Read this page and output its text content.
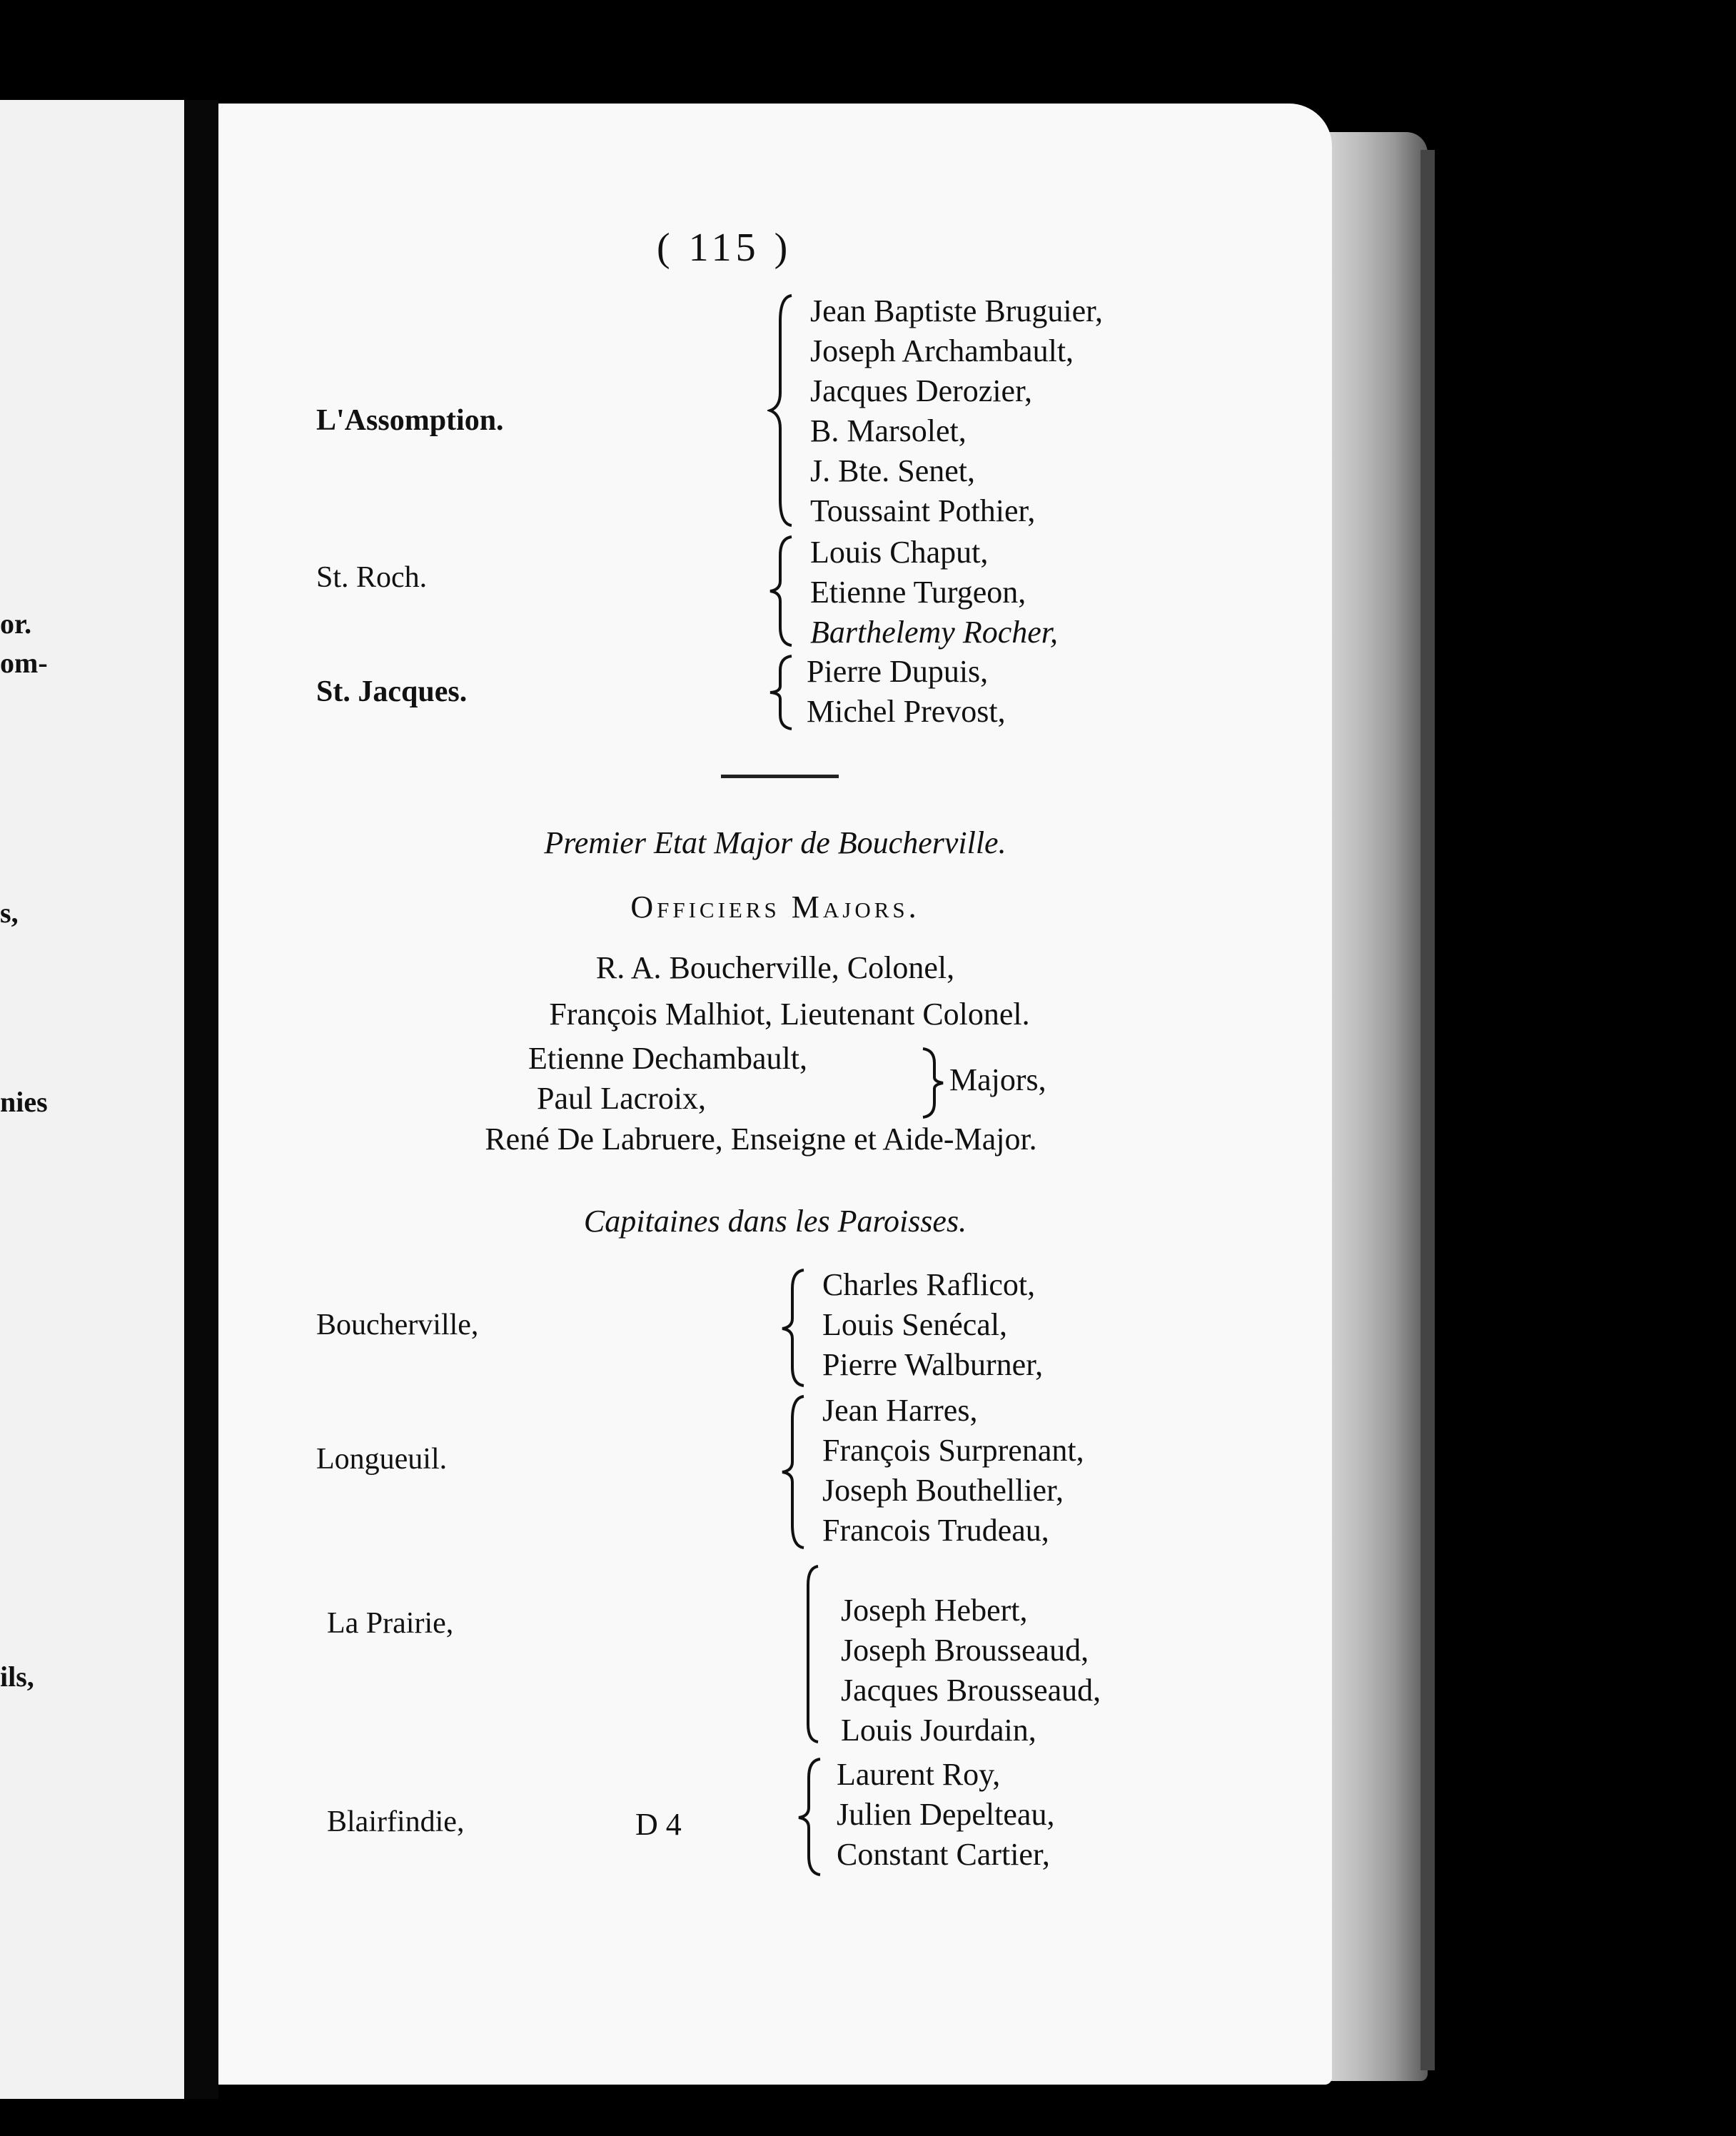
or.
om-
s,
nies
ils,
( 115 )
L'Assomption.
Jean Baptiste Bruguier,
Joseph Archambault,
Jacques Derozier,
B. Marsolet,
J. Bte. Senet,
Toussaint Pothier,
St. Roch.
Louis Chaput,
Etienne Turgeon,
Barthelemy Rocher,
St. Jacques.
Pierre Dupuis,
Michel Prevost,
Premier Etat Major de Boucherville.
Officiers Majors.
R. A. Boucherville, Colonel,
François Malhiot, Lieutenant Colonel.
Etienne Dechambault,
Paul Lacroix,
Majors,
René De Labruere, Enseigne et Aide-Major.
Capitaines dans les Paroisses.
Boucherville,
Charles Raflicot,
Louis Senécal,
Pierre Walburner,
Longueuil.
Jean Harres,
François Surprenant,
Joseph Bouthellier,
Francois Trudeau,
La Prairie,	Joseph Hebert,
Joseph Brousseaud,
Jacques Brousseaud,
Louis Jourdain,
Blairfindie,	D 4
Laurent Roy,
Julien Depelteau,
Constant Cartier,
